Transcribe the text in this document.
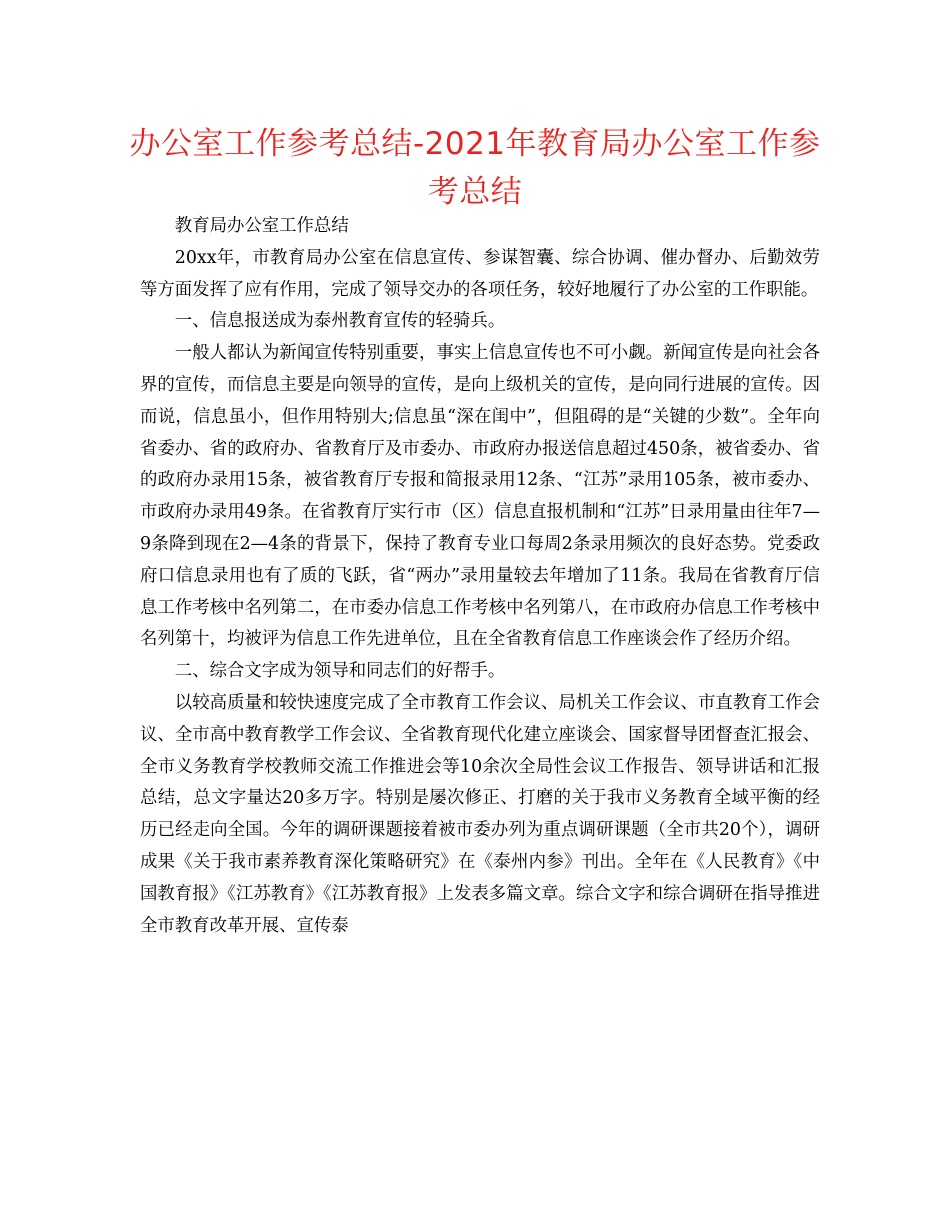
办公室工作参考总结-2021年教育局办公室工作参考总结

教育局办公室工作总结

20xx年，市教育局办公室在信息宣传、参谋智囊、综合协调、催办督办、后勤效劳等方面发挥了应有作用，完成了领导交办的各项任务，较好地履行了办公室的工作职能。

一、信息报送成为泰州教育宣传的轻骑兵。

一般人都认为新闻宣传特别重要，事实上信息宣传也不可小觑。新闻宣传是向社会各界的宣传，而信息主要是向领导的宣传，是向上级机关的宣传，是向同行进展的宣传。因而说，信息虽小，但作用特别大;信息虽“深在闺中”，但阻碍的是“关键的少数”。全年向省委办、省的政府办、省教育厅及市委办、市政府办报送信息超过450条，被省委办、省的政府办录用15条，被省教育厅专报和简报录用12条、“江苏”录用105条，被市委办、市政府办录用49条。在省教育厅实行市（区）信息直报机制和“江苏”日录用量由往年7—9条降到现在2—4条的背景下，保持了教育专业口每周2条录用频次的良好态势。党委政府口信息录用也有了质的飞跃，省“两办”录用量较去年增加了11条。我局在省教育厅信息工作考核中名列第二，在市委办信息工作考核中名列第八，在市政府办信息工作考核中名列第十，均被评为信息工作先进单位，且在全省教育信息工作座谈会作了经历介绍。

二、综合文字成为领导和同志们的好帮手。

以较高质量和较快速度完成了全市教育工作会议、局机关工作会议、市直教育工作会议、全市高中教育教学工作会议、全省教育现代化建立座谈会、国家督导团督查汇报会、全市义务教育学校教师交流工作推进会等10余次全局性会议工作报告、领导讲话和汇报总结，总文字量达20多万字。特别是屡次修正、打磨的关于我市义务教育全域平衡的经历已经走向全国。今年的调研课题接着被市委办列为重点调研课题（全市共20个），调研成果《关于我市素养教育深化策略研究》在《泰州内参》刊出。全年在《人民教育》《中国教育报》《江苏教育》《江苏教育报》上发表多篇文章。综合文字和综合调研在指导推进全市教育改革开展、宣传泰
